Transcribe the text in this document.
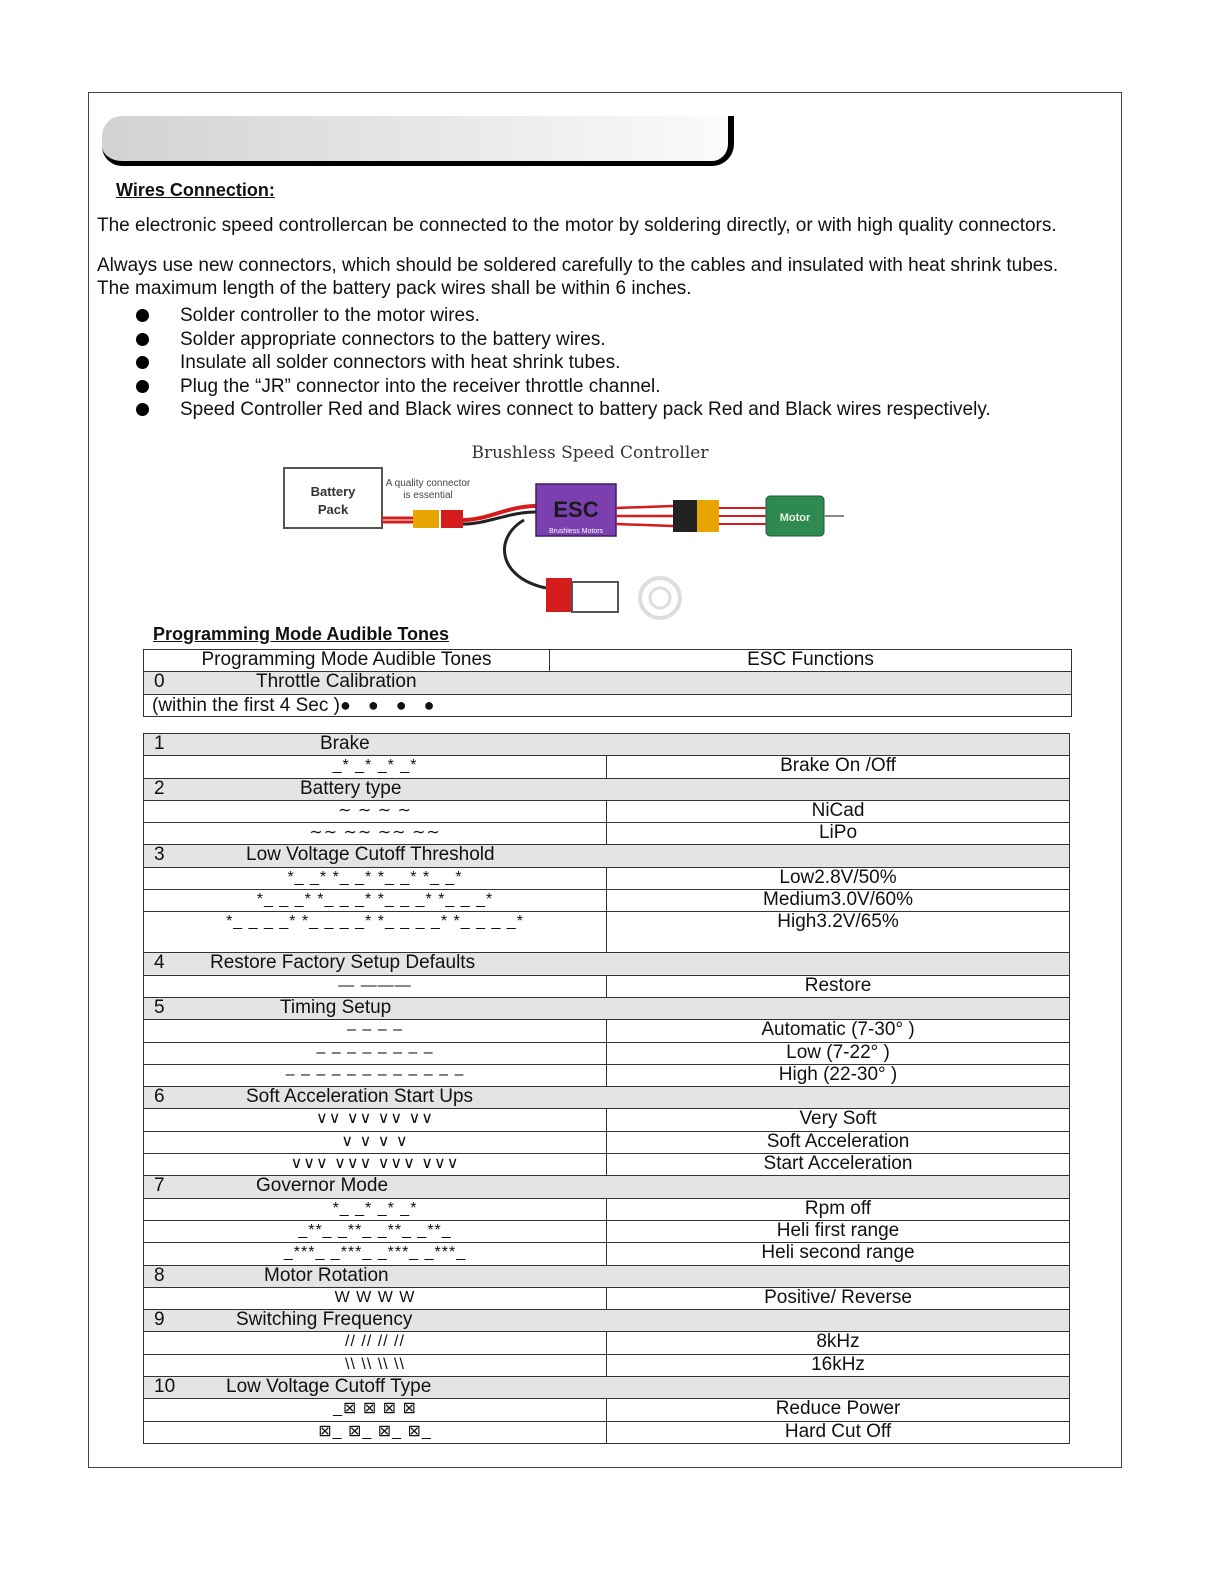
Wires Connection:
The electronic speed controllercan be connected to the motor by soldering directly, or with high quality connectors.
Always use new connectors, which should be soldered carefully to the cables and insulated with heat shrink tubes.
The maximum length of the battery pack wires shall be within 6 inches.
Solder controller to the motor wires.
Solder appropriate connectors to the battery wires.
Insulate all solder connectors with heat shrink tubes.
Plug the “JR” connector into the receiver throttle channel.
Speed Controller Red and Black wires connect to battery pack Red and Black wires respectively.
Brushless Speed Controller
Battery
Pack
A quality connector
is essential
ESC
Brushless Motors
Motor
Programming Mode Audible Tones
Programming Mode Audible Tones	ESC Functions
0	Throttle Calibration
(within the first 4 Sec )● ● ● ●
1 Brake	
_* _* _* _*	Brake On /Off
2 Battery type	
∼ ∼ ∼ ∼	NiCad
∼∼ ∼∼ ∼∼ ∼∼	LiPo
3 Low Voltage Cutoff Threshold	
*_ _* *_ _* *_ _* *_ _*	Low2.8V/50%
*_ _ _* *_ _ _* *_ _ _* *_ _ _*	Medium3.0V/60%
*_ _ _ _* *_ _ _ _* *_ _ _ _* *_ _ _ _*	High3.2V/65%
4 Restore Factory Setup Defaults	
— ———	Restore
5 Timing Setup	
– – – –	Automatic (7-30° )
– – – – – – – –	Low (7-22° )
– – – – – – – – – – – –	High (22-30° )
6 Soft Acceleration Start Ups	
∨∨ ∨∨ ∨∨ ∨∨	Very Soft
∨ ∨ ∨ ∨	Soft Acceleration
∨∨∨ ∨∨∨ ∨∨∨ ∨∨∨	Start Acceleration
7 Governor Mode	
*_ _* _* _*	Rpm off
_**_ _**_ _**_ _**_	Heli first range
_***_ _***_ _***_ _***_	Heli second range
8 Motor Rotation	
W W W W	Positive/ Reverse
9 Switching Frequency	
// // // //	8kHz
\\ \\ \\ \\	16kHz
10 Low Voltage Cutoff Type	
_⊠ ⊠ ⊠ ⊠	Reduce Power
⊠_ ⊠_ ⊠_ ⊠_	Hard Cut Off
